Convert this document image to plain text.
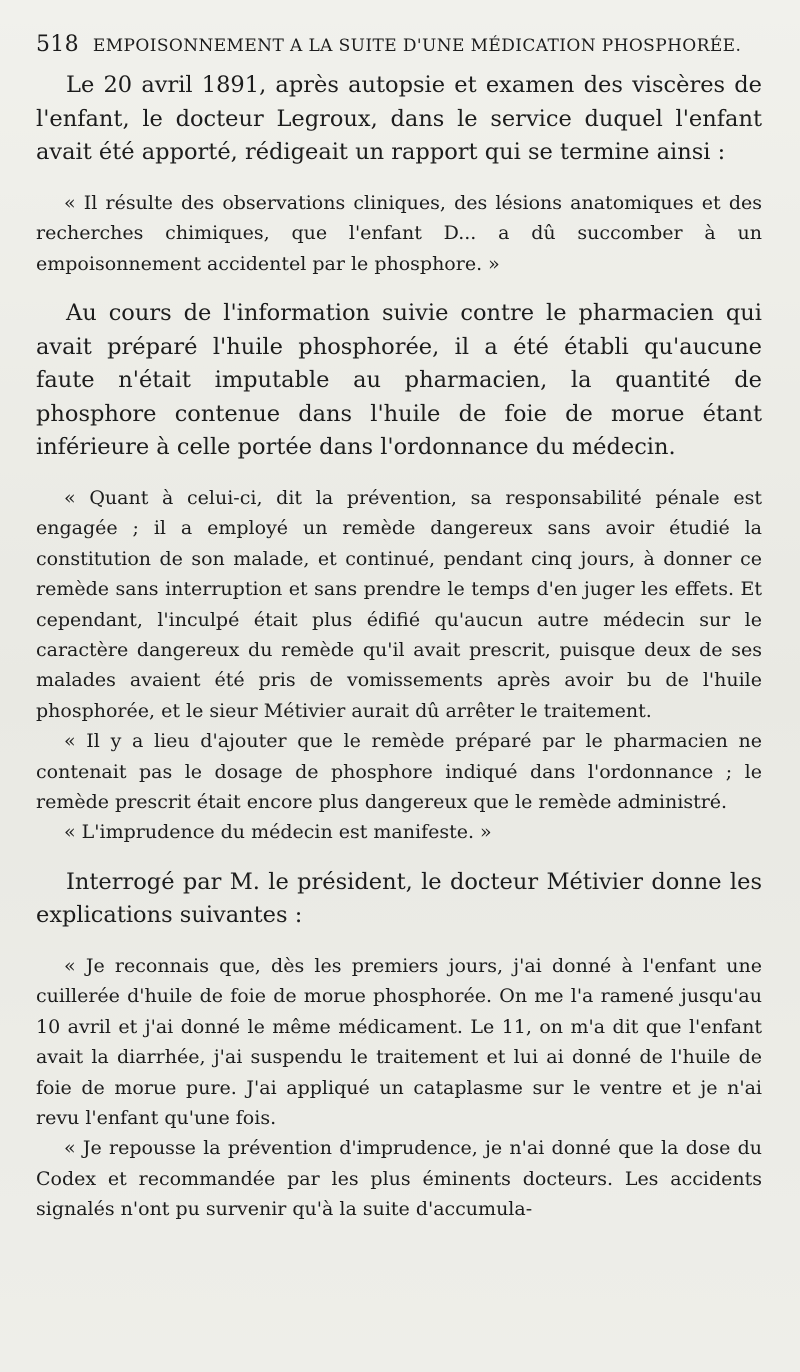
518 EMPOISONNEMENT A LA SUITE D'UNE MÉDICATION PHOSPHORÉE.

Le 20 avril 1891, après autopsie et examen des viscères de l'enfant, le docteur Legroux, dans le service duquel l'enfant avait été apporté, rédigeait un rapport qui se termine ainsi :

« Il résulte des observations cliniques, des lésions anatomiques et des recherches chimiques, que l'enfant D... a dû succomber à un empoisonnement accidentel par le phosphore. »

Au cours de l'information suivie contre le pharmacien qui avait préparé l'huile phosphorée, il a été établi qu'aucune faute n'était imputable au pharmacien, la quantité de phosphore contenue dans l'huile de foie de morue étant inférieure à celle portée dans l'ordonnance du médecin.

« Quant à celui-ci, dit la prévention, sa responsabilité pénale est engagée ; il a employé un remède dangereux sans avoir étudié la constitution de son malade, et continué, pendant cinq jours, à donner ce remède sans interruption et sans prendre le temps d'en juger les effets. Et cependant, l'inculpé était plus édifié qu'aucun autre médecin sur le caractère dangereux du remède qu'il avait prescrit, puisque deux de ses malades avaient été pris de vomissements après avoir bu de l'huile phosphorée, et le sieur Métivier aurait dû arrêter le traitement.

« Il y a lieu d'ajouter que le remède préparé par le pharmacien ne contenait pas le dosage de phosphore indiqué dans l'ordonnance ; le remède prescrit était encore plus dangereux que le remède administré.

« L'imprudence du médecin est manifeste. »

Interrogé par M. le président, le docteur Métivier donne les explications suivantes :

« Je reconnais que, dès les premiers jours, j'ai donné à l'enfant une cuillerée d'huile de foie de morue phosphorée. On me l'a ramené jusqu'au 10 avril et j'ai donné le même médicament. Le 11, on m'a dit que l'enfant avait la diarrhée, j'ai suspendu le traitement et lui ai donné de l'huile de foie de morue pure. J'ai appliqué un cataplasme sur le ventre et je n'ai revu l'enfant qu'une fois.

« Je repousse la prévention d'imprudence, je n'ai donné que la dose du Codex et recommandée par les plus éminents docteurs. Les accidents signalés n'ont pu survenir qu'à la suite d'accumula-
